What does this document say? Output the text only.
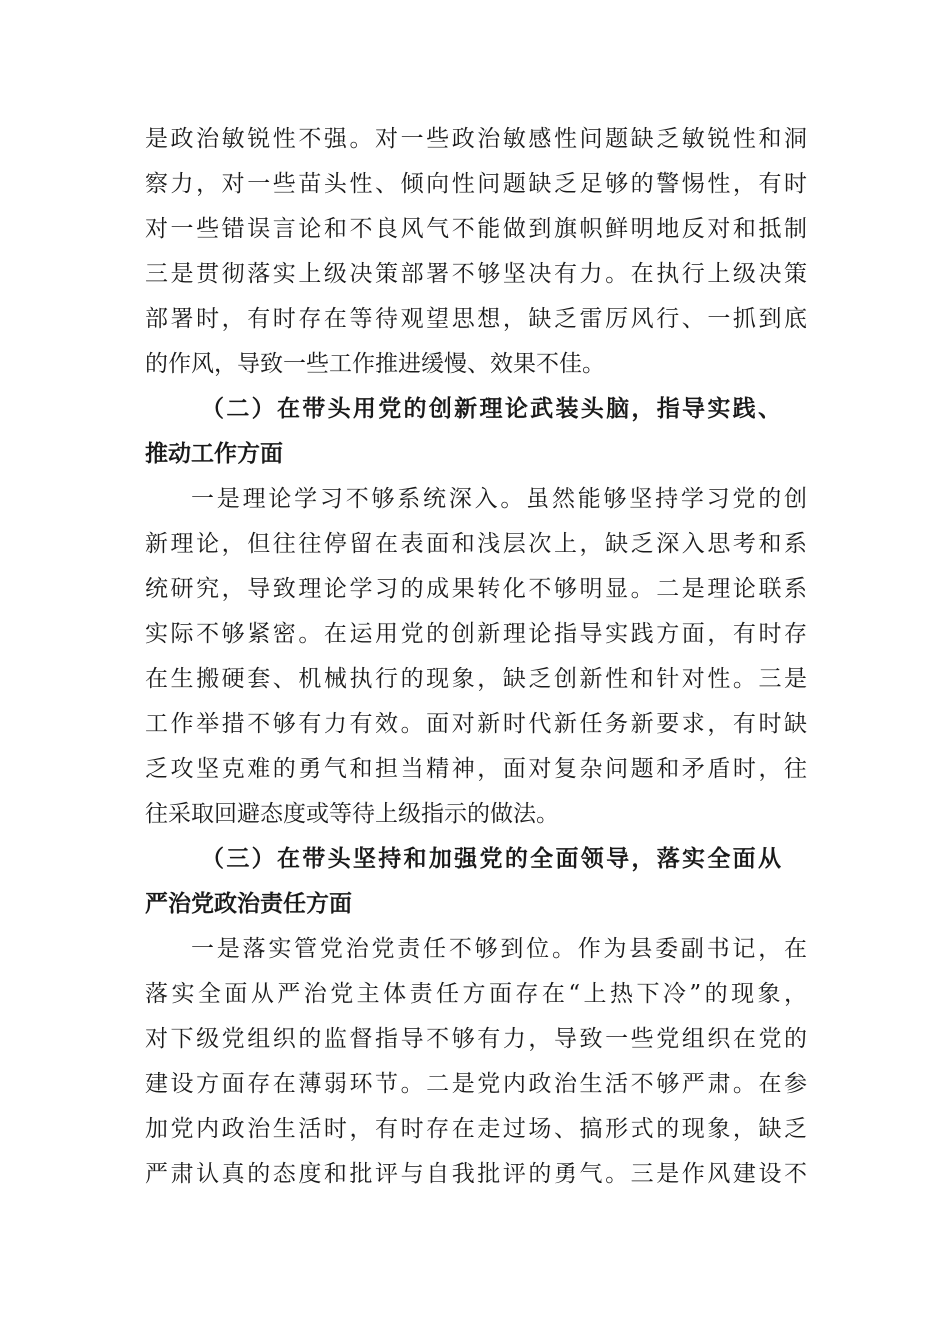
是政治敏锐性不强。对一些政治敏感性问题缺乏敏锐性和洞
察力，对一些苗头性、倾向性问题缺乏足够的警惕性，有时
对一些错误言论和不良风气不能做到旗帜鲜明地反对和抵制
三是贯彻落实上级决策部署不够坚决有力。在执行上级决策
部署时，有时存在等待观望思想，缺乏雷厉风行、一抓到底
的作风，导致一些工作推进缓慢、效果不佳。
（二）在带头用党的创新理论武装头脑，指导实践、
推动工作方面
一是理论学习不够系统深入。虽然能够坚持学习党的创
新理论，但往往停留在表面和浅层次上，缺乏深入思考和系
统研究，导致理论学习的成果转化不够明显。二是理论联系
实际不够紧密。在运用党的创新理论指导实践方面，有时存
在生搬硬套、机械执行的现象，缺乏创新性和针对性。三是
工作举措不够有力有效。面对新时代新任务新要求，有时缺
乏攻坚克难的勇气和担当精神，面对复杂问题和矛盾时，往
往采取回避态度或等待上级指示的做法。
（三）在带头坚持和加强党的全面领导，落实全面从
严治党政治责任方面
一是落实管党治党责任不够到位。作为县委副书记，在
落实全面从严治党主体责任方面存在“上热下冷”的现象，
对下级党组织的监督指导不够有力，导致一些党组织在党的
建设方面存在薄弱环节。二是党内政治生活不够严肃。在参
加党内政治生活时，有时存在走过场、搞形式的现象，缺乏
严肃认真的态度和批评与自我批评的勇气。三是作风建设不
